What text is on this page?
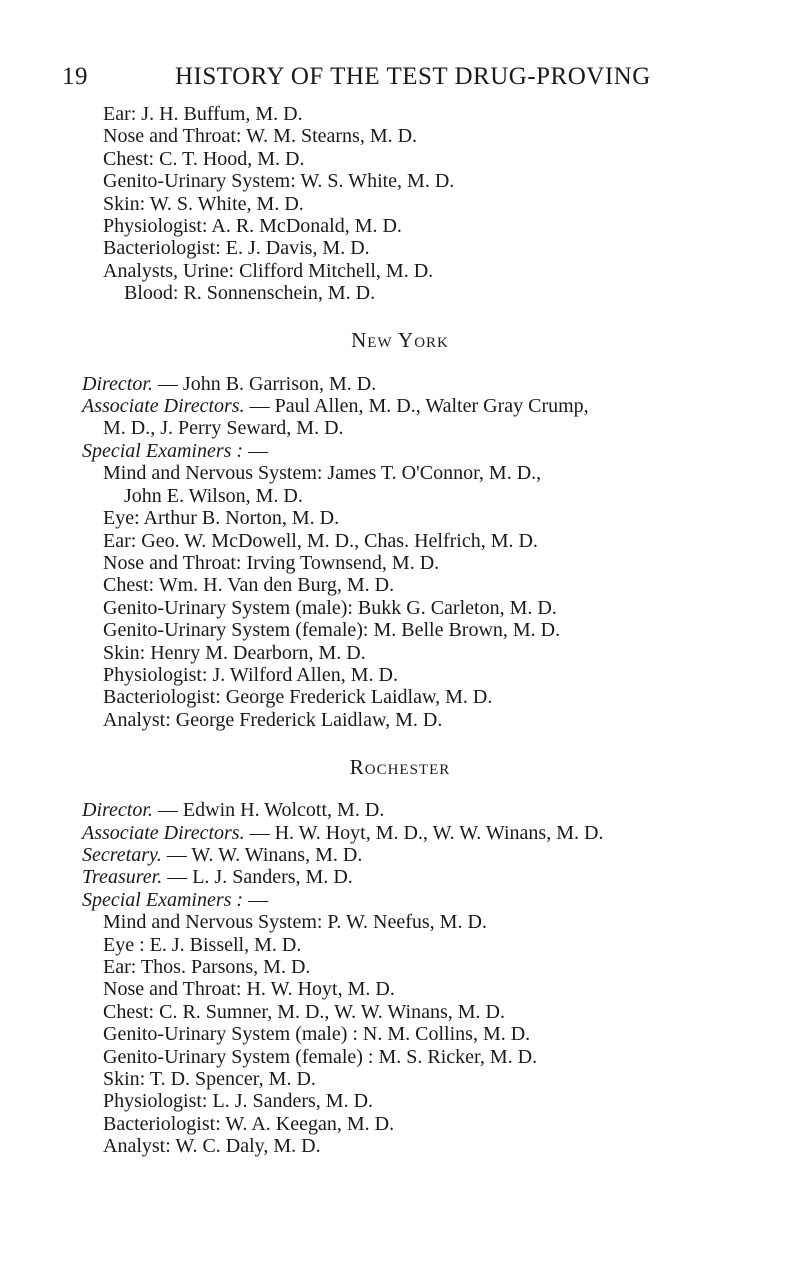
19	HISTORY OF THE TEST DRUG-PROVING
Ear: J. H. Buffum, M. D.
Nose and Throat: W. M. Stearns, M. D.
Chest: C. T. Hood, M. D.
Genito-Urinary System: W. S. White, M. D.
Skin: W. S. White, M. D.
Physiologist: A. R. McDonald, M. D.
Bacteriologist: E. J. Davis, M. D.
Analysts, Urine: Clifford Mitchell, M. D.
Blood: R. Sonnenschein, M. D.
New York
Director. — John B. Garrison, M. D.
Associate Directors. — Paul Allen, M. D., Walter Gray Crump,
M. D., J. Perry Seward, M. D.
Special Examiners : —
Mind and Nervous System: James T. O'Connor, M. D.,
John E. Wilson, M. D.
Eye: Arthur B. Norton, M. D.
Ear: Geo. W. McDowell, M. D., Chas. Helfrich, M. D.
Nose and Throat: Irving Townsend, M. D.
Chest: Wm. H. Van den Burg, M. D.
Genito-Urinary System (male): Bukk G. Carleton, M. D.
Genito-Urinary System (female): M. Belle Brown, M. D.
Skin: Henry M. Dearborn, M. D.
Physiologist: J. Wilford Allen, M. D.
Bacteriologist: George Frederick Laidlaw, M. D.
Analyst: George Frederick Laidlaw, M. D.
Rochester
Director. — Edwin H. Wolcott, M. D.
Associate Directors. — H. W. Hoyt, M. D., W. W. Winans, M. D.
Secretary. — W. W. Winans, M. D.
Treasurer. — L. J. Sanders, M. D.
Special Examiners : —
Mind and Nervous System: P. W. Neefus, M. D.
Eye : E. J. Bissell, M. D.
Ear: Thos. Parsons, M. D.
Nose and Throat: H. W. Hoyt, M. D.
Chest: C. R. Sumner, M. D., W. W. Winans, M. D.
Genito-Urinary System (male) : N. M. Collins, M. D.
Genito-Urinary System (female) : M. S. Ricker, M. D.
Skin: T. D. Spencer, M. D.
Physiologist: L. J. Sanders, M. D.
Bacteriologist: W. A. Keegan, M. D.
Analyst: W. C. Daly, M. D.
